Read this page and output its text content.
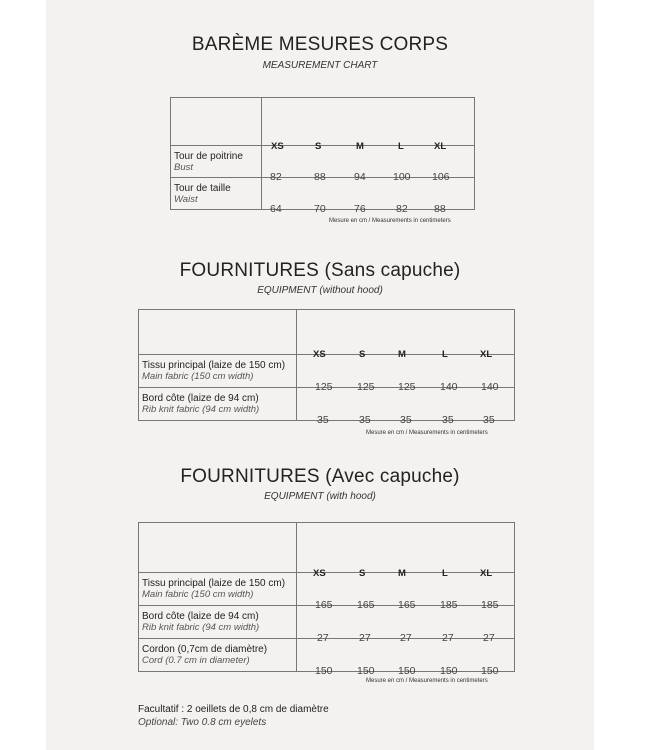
BARÈME MESURES CORPS
MEASUREMENT CHART

	XS S M L XL

Tour de poitrine
Bust	82 88 94 100 106

Tour de taille
Waist	64 70 76 82 88
Mesure en cm / Measurements in centimeters
FOURNITURES (Sans capuche)
EQUIPMENT (without hood)

	XS S M L XL

Tissu principal (laize de 150 cm)
Main fabric (150 cm width)	125 125 125 140 140

Bord côte (laize de 94 cm)
Rib knit fabric (94 cm width)	35 35 35 35 35
Mesure en cm / Measurements in centimeters
FOURNITURES (Avec capuche)
EQUIPMENT (with hood)

	XS S M L XL

Tissu principal (laize de 150 cm)
Main fabric (150 cm width)	165 165 165 185 185

Bord côte (laize de 94 cm)
Rib knit fabric (94 cm width)	27 27 27 27 27

Cordon (0,7cm de diamètre)
Cord (0.7 cm in diameter)	150 150 150 150 150
Mesure en cm / Measurements in centimeters
Facultatif : 2 oeillets de 0,8 cm de diamètre
Optional: Two 0.8 cm eyelets
